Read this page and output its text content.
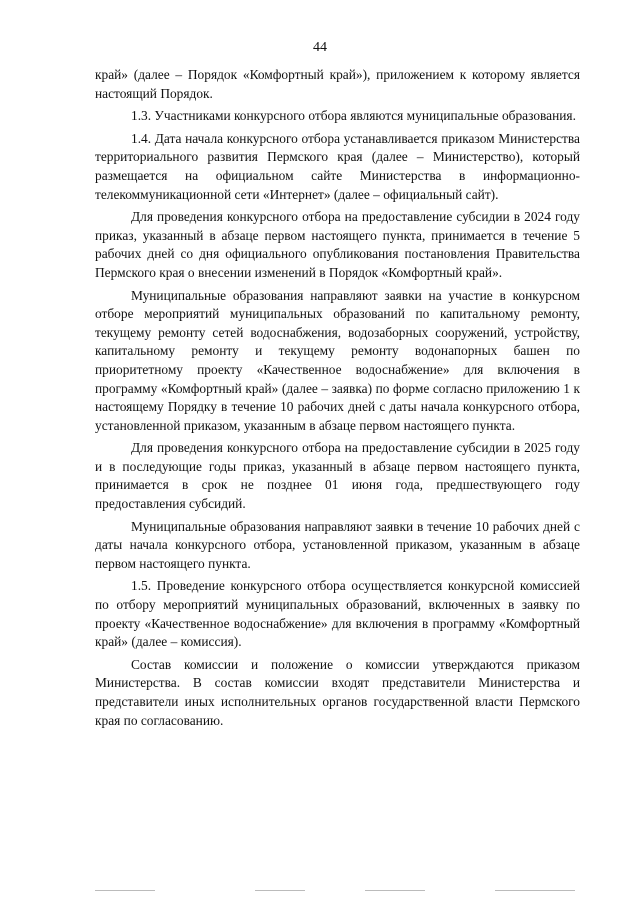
44

край» (далее – Порядок «Комфортный край»), приложением к которому является настоящий Порядок.

1.3. Участниками конкурсного отбора являются муниципальные образования.

1.4. Дата начала конкурсного отбора устанавливается приказом Министерства территориального развития Пермского края (далее – Министерство), который размещается на официальном сайте Министерства в информационно-телекоммуникационной сети «Интернет» (далее – официальный сайт).

Для проведения конкурсного отбора на предоставление субсидии в 2024 году приказ, указанный в абзаце первом настоящего пункта, принимается в течение 5 рабочих дней со дня официального опубликования постановления Правительства Пермского края о внесении изменений в Порядок «Комфортный край».

Муниципальные образования направляют заявки на участие в конкурсном отборе мероприятий муниципальных образований по капитальному ремонту, текущему ремонту сетей водоснабжения, водозаборных сооружений, устройству, капитальному ремонту и текущему ремонту водонапорных башен по приоритетному проекту «Качественное водоснабжение» для включения в программу «Комфортный край» (далее – заявка) по форме согласно приложению 1 к настоящему Порядку в течение 10 рабочих дней с даты начала конкурсного отбора, установленной приказом, указанным в абзаце первом настоящего пункта.

Для проведения конкурсного отбора на предоставление субсидии в 2025 году и в последующие годы приказ, указанный в абзаце первом настоящего пункта, принимается в срок не позднее 01 июня года, предшествующего году предоставления субсидий.

Муниципальные образования направляют заявки в течение 10 рабочих дней с даты начала конкурсного отбора, установленной приказом, указанным в абзаце первом настоящего пункта.

1.5. Проведение конкурсного отбора осуществляется конкурсной комиссией по отбору мероприятий муниципальных образований, включенных в заявку по проекту «Качественное водоснабжение» для включения в программу «Комфортный край» (далее – комиссия).

Состав комиссии и положение о комиссии утверждаются приказом Министерства. В состав комиссии входят представители Министерства и представители иных исполнительных органов государственной власти Пермского края по согласованию.
